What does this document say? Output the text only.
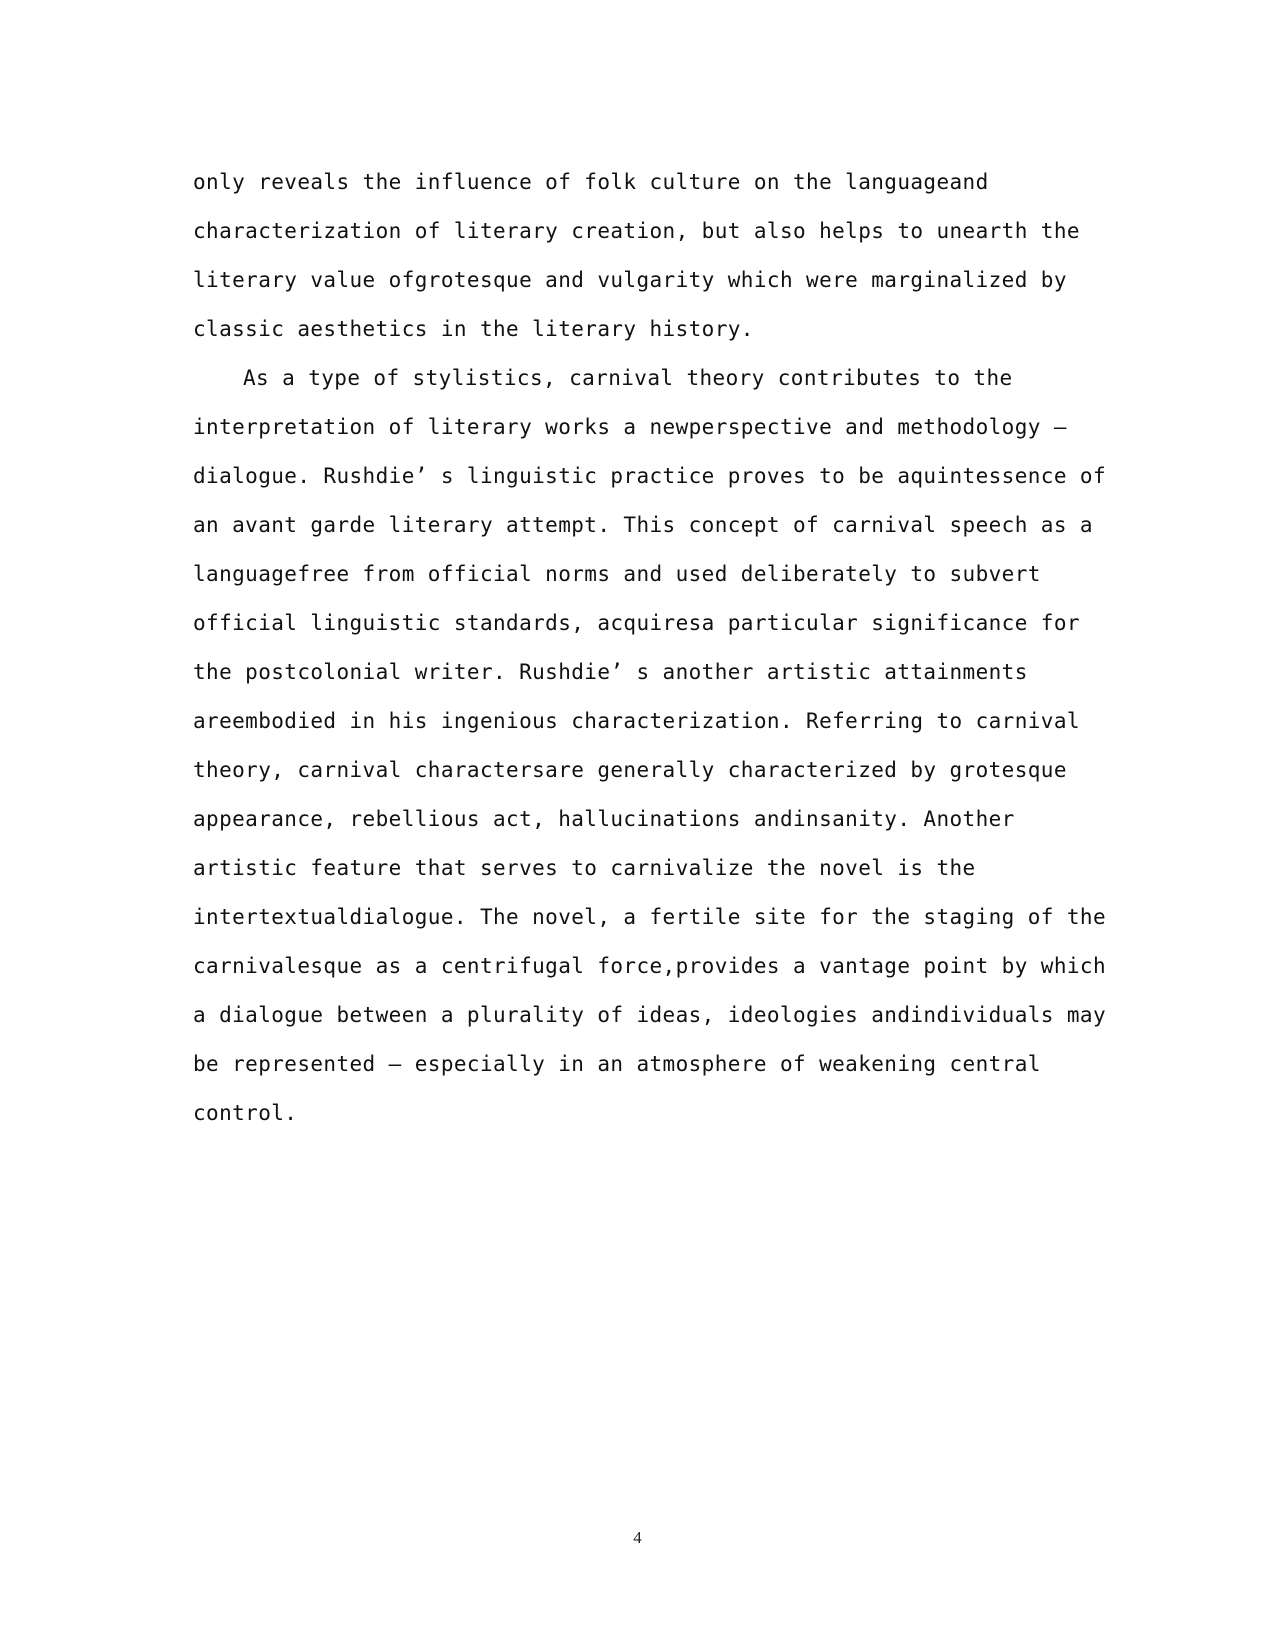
only reveals the influence of folk culture on the languageand
characterization of literary creation, but also helps to unearth the
literary value ofgrotesque and vulgarity which were marginalized by
classic aesthetics in the literary history.
As a type of stylistics, carnival theory contributes to the
interpretation of literary works a newperspective and methodology –
dialogue. Rushdie’ s linguistic practice proves to be aquintessence of
an avant garde literary attempt. This concept of carnival speech as a
languagefree from official norms and used deliberately to subvert
official linguistic standards, acquiresa particular significance for
the postcolonial writer. Rushdie’ s another artistic attainments
areembodied in his ingenious characterization. Referring to carnival
theory, carnival charactersare generally characterized by grotesque
appearance, rebellious act, hallucinations andinsanity. Another
artistic feature that serves to carnivalize the novel is the
intertextualdialogue. The novel, a fertile site for the staging of the
carnivalesque as a centrifugal force,provides a vantage point by which
a dialogue between a plurality of ideas, ideologies andindividuals may
be represented – especially in an atmosphere of weakening central
control.
4
